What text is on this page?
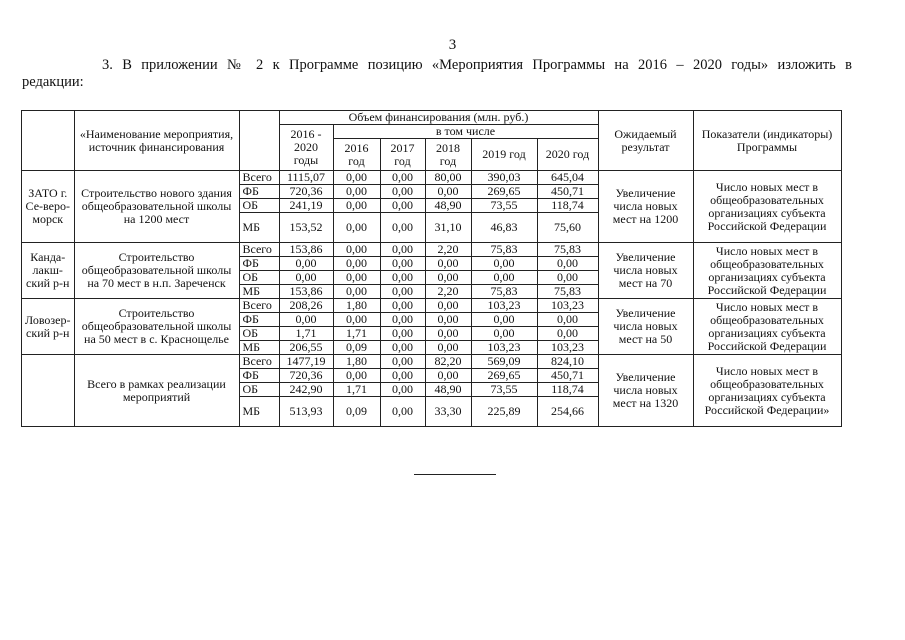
3
3. В приложении № 2 к Программе позицию «Мероприятия Программы на 2016 – 2020 годы» изложить в
редакции:
	«Наименование мероприятия, источник финансирования		Объем финансирования (млн. руб.)						Ожидаемый результат	Показатели (индикаторы) Программы
			2016 - 2020 годы	в том числе						
				2016 год	2017 год	2018 год	2019 год	2020 год		
ЗАТО г. Се-веро-морск	Строительство нового здания общеобразовательной школы на 1200 мест	Всего	1115,07	0,00	0,00	80,00	390,03	645,04	Увеличение числа новых мест на 1200	Число новых мест в общеобразовательных организациях субъекта Российской Федерации
		ФБ	720,36	0,00	0,00	0,00	269,65	450,71		
		ОБ	241,19	0,00	0,00	48,90	73,55	118,74		
		МБ	153,52	0,00	0,00	31,10	46,83	75,60		
Канда-лакш-ский р-н	Строительство общеобразовательной школы на 70 мест в н.п. Зареченск	Всего	153,86	0,00	0,00	2,20	75,83	75,83	Увеличение числа новых мест на 70	Число новых мест в общеобразовательных организациях субъекта Российской Федерации
		ФБ	0,00	0,00	0,00	0,00	0,00	0,00		
		ОБ	0,00	0,00	0,00	0,00	0,00	0,00		
		МБ	153,86	0,00	0,00	2,20	75,83	75,83		
Ловозер-ский р-н	Строительство общеобразовательной школы на 50 мест в с. Краснощелье	Всего	208,26	1,80	0,00	0,00	103,23	103,23	Увеличение числа новых мест на 50	Число новых мест в общеобразовательных организациях субъекта Российской Федерации
		ФБ	0,00	0,00	0,00	0,00	0,00	0,00		
		ОБ	1,71	1,71	0,00	0,00	0,00	0,00		
		МБ	206,55	0,09	0,00	0,00	103,23	103,23		
	Всего в рамках реализации мероприятий	Всего	1477,19	1,80	0,00	82,20	569,09	824,10	Увеличение числа новых мест на 1320	Число новых мест в общеобразовательных организациях субъекта Российской Федерации»
		ФБ	720,36	0,00	0,00	0,00	269,65	450,71		
		ОБ	242,90	1,71	0,00	48,90	73,55	118,74		
		МБ	513,93	0,09	0,00	33,30	225,89	254,66		
